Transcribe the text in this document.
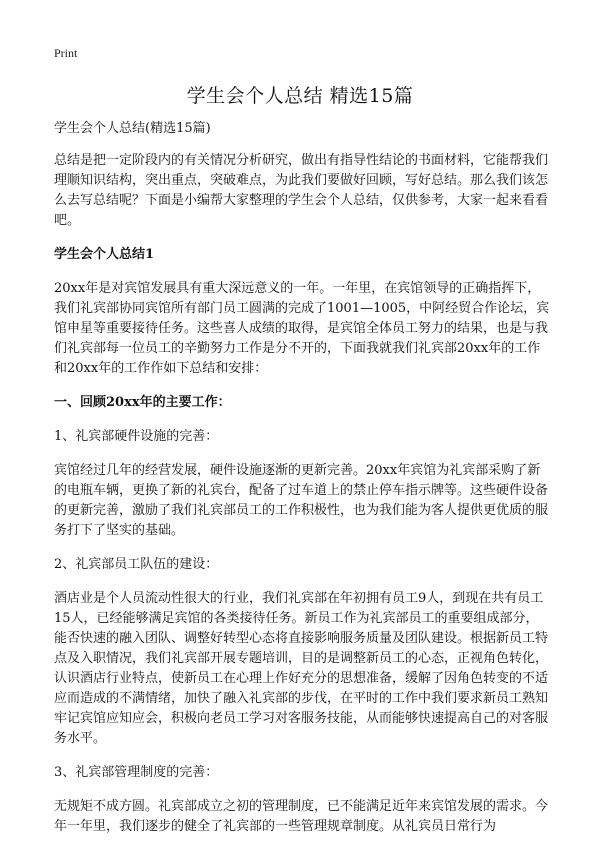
Print
学生会个人总结 精选15篇

学生会个人总结(精选15篇)

总结是把一定阶段内的有关情况分析研究，做出有指导性结论的书面材料，它能帮我们理顺知识结构，突出重点，突破难点，为此我们要做好回顾，写好总结。那么我们该怎么去写总结呢？下面是小编帮大家整理的学生会个人总结，仅供参考，大家一起来看看吧。

学生会个人总结1

20xx年是对宾馆发展具有重大深远意义的一年。一年里，在宾馆领导的正确指挥下，我们礼宾部协同宾馆所有部门员工圆满的完成了1001—1005，中阿经贸合作论坛，宾馆申星等重要接待任务。这些喜人成绩的取得，是宾馆全体员工努力的结果，也是与我们礼宾部每一位员工的辛勤努力工作是分不开的，下面我就我们礼宾部20xx年的工作和20xx年的工作作如下总结和安排：

一、回顾20xx年的主要工作：

1、礼宾部硬件设施的完善：

宾馆经过几年的经营发展，硬件设施逐渐的更新完善。20xx年宾馆为礼宾部采购了新的电瓶车辆，更换了新的礼宾台，配备了过车道上的禁止停车指示牌等。这些硬件设备的更新完善，激励了我们礼宾部员工的工作积极性，也为我们能为客人提供更优质的服务打下了坚实的基础。

2、礼宾部员工队伍的建设：

酒店业是个人员流动性很大的行业，我们礼宾部在年初拥有员工9人，到现在共有员工15人，已经能够满足宾馆的各类接待任务。新员工作为礼宾部员工的重要组成部分，能否快速的融入团队、调整好转型心态将直接影响服务质量及团队建设。根据新员工特点及入职情况，我们礼宾部开展专题培训，目的是调整新员工的心态，正视角色转化，认识酒店行业特点，使新员工在心理上作好充分的思想准备，缓解了因角色转变的不适应而造成的不满情绪，加快了融入礼宾部的步伐，在平时的工作中我们要求新员工熟知牢记宾馆应知应会，积极向老员工学习对客服务技能，从而能够快速提高自己的对客服务水平。

3、礼宾部管理制度的完善：

无规矩不成方圆。礼宾部成立之初的管理制度，已不能满足近年来宾馆发展的需求。今年一年里，我们逐步的健全了礼宾部的一些管理规章制度。从礼宾员日常行为
